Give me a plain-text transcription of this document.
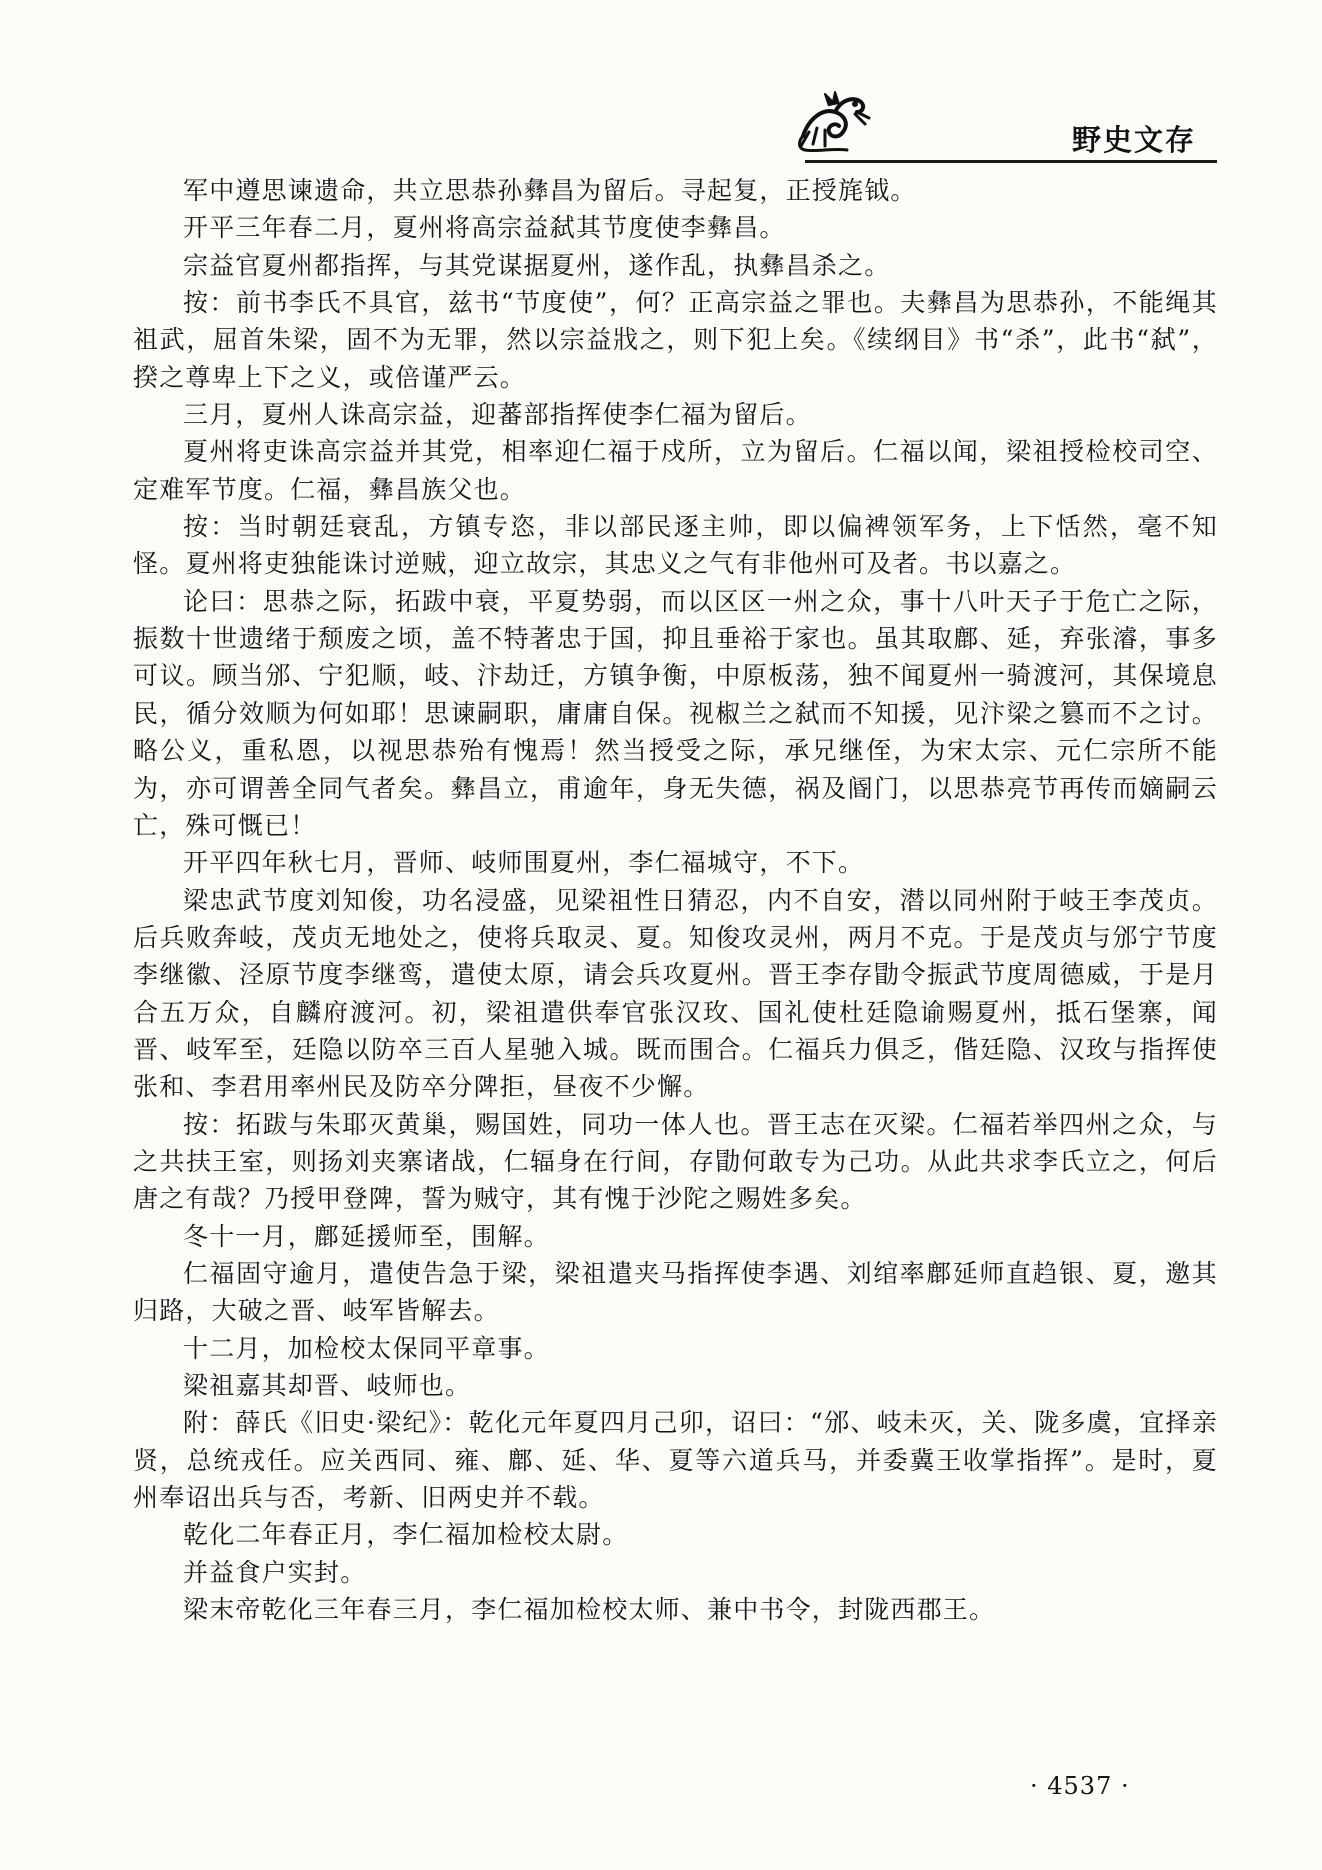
野史文存

军中遵思谏遗命，共立思恭孙彝昌为留后。寻起复，正授旄钺。

开平三年春二月，夏州将高宗益弑其节度使李彝昌。

宗益官夏州都指挥，与其党谋据夏州，遂作乱，执彝昌杀之。

按：前书李氏不具官，兹书“节度使”，何？正高宗益之罪也。夫彝昌为思恭孙，不能绳其祖武，屈首朱梁，固不为无罪，然以宗益戕之，则下犯上矣。《续纲目》书“杀”，此书“弑”，揆之尊卑上下之义，或倍谨严云。

三月，夏州人诛高宗益，迎蕃部指挥使李仁福为留后。

夏州将吏诛高宗益并其党，相率迎仁福于戍所，立为留后。仁福以闻，梁祖授检校司空、定难军节度。仁福，彝昌族父也。

按：当时朝廷衰乱，方镇专恣，非以部民逐主帅，即以偏裨领军务，上下恬然，毫不知怪。夏州将吏独能诛讨逆贼，迎立故宗，其忠义之气有非他州可及者。书以嘉之。

论曰：思恭之际，拓跋中衰，平夏势弱，而以区区一州之众，事十八叶天子于危亡之际，振数十世遗绪于颓废之顷，盖不特著忠于国，抑且垂裕于家也。虽其取鄜、延，弃张濬，事多可议。顾当邠、宁犯顺，岐、汴劫迁，方镇争衡，中原板荡，独不闻夏州一骑渡河，其保境息民，循分效顺为何如耶！思谏嗣职，庸庸自保。视椒兰之弑而不知援，见汴梁之篡而不之讨。略公义，重私恩，以视思恭殆有愧焉！然当授受之际，承兄继侄，为宋太宗、元仁宗所不能为，亦可谓善全同气者矣。彝昌立，甫逾年，身无失德，祸及阍门，以思恭亮节再传而嫡嗣云亡，殊可慨已！

开平四年秋七月，晋师、岐师围夏州，李仁福城守，不下。

梁忠武节度刘知俊，功名浸盛，见梁祖性日猜忍，内不自安，潜以同州附于岐王李茂贞。后兵败奔岐，茂贞无地处之，使将兵取灵、夏。知俊攻灵州，两月不克。于是茂贞与邠宁节度李继徽、泾原节度李继鸾，遣使太原，请会兵攻夏州。晋王李存勖令振武节度周德威，于是月合五万众，自麟府渡河。初，梁祖遣供奉官张汉玫、国礼使杜廷隐谕赐夏州，抵石堡寨，闻晋、岐军至，廷隐以防卒三百人星驰入城。既而围合。仁福兵力俱乏，偕廷隐、汉玫与指挥使张和、李君用率州民及防卒分陴拒，昼夜不少懈。

按：拓跋与朱耶灭黄巢，赐国姓，同功一体人也。晋王志在灭梁。仁福若举四州之众，与之共扶王室，则扬刘夹寨诸战，仁辐身在行间，存勖何敢专为己功。从此共求李氏立之，何后唐之有哉？乃授甲登陴，誓为贼守，其有愧于沙陀之赐姓多矣。

冬十一月，鄜延援师至，围解。

仁福固守逾月，遣使告急于梁，梁祖遣夹马指挥使李遇、刘绾率鄜延师直趋银、夏，邀其归路，大破之晋、岐军皆解去。

十二月，加检校太保同平章事。

梁祖嘉其却晋、岐师也。

附：薛氏《旧史·梁纪》：乾化元年夏四月己卯，诏曰：“邠、岐未灭，关、陇多虞，宜择亲贤，总统戎任。应关西同、雍、鄜、延、华、夏等六道兵马，并委冀王收掌指挥”。是时，夏州奉诏出兵与否，考新、旧两史并不载。

乾化二年春正月，李仁福加检校太尉。

并益食户实封。

梁末帝乾化三年春三月，李仁福加检校太师、兼中书令，封陇西郡王。

· 4537 ·
